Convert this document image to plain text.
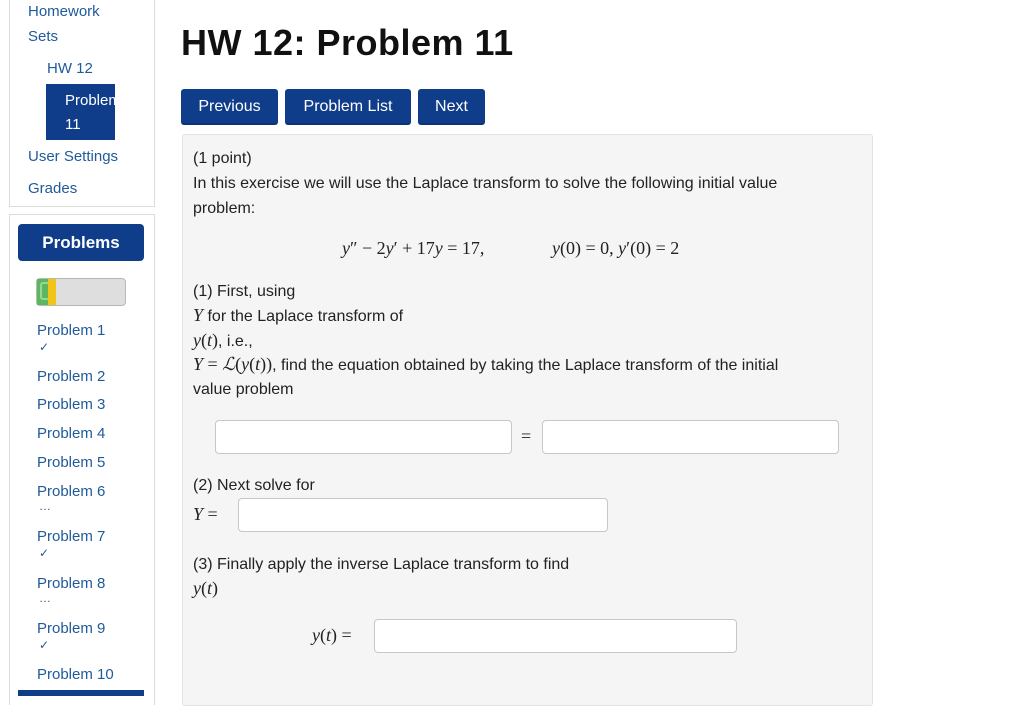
Homework
Sets
HW 12
Problem
11
User Settings
Grades
Problems
Problem 1
✓
Problem 2
Problem 3
Problem 4
Problem 5
Problem 6
…
Problem 7
✓
Problem 8
…
Problem 9
✓
Problem 10
HW 12: Problem 11
Previous	Problem List	Next
(1 point)
In this exercise we will use the Laplace transform to solve the following initial value
problem:
y″ − 2y′ + 17y = 17,	y(0) = 0, y′(0) = 2
(1) First, using
Y for the Laplace transform of
y(t), i.e.,
Y = ℒ(y(t)), find the equation obtained by taking the Laplace transform of the initial
value problem
=
(2) Next solve for
Y =
(3) Finally apply the inverse Laplace transform to find
y(t)
y(t) =
